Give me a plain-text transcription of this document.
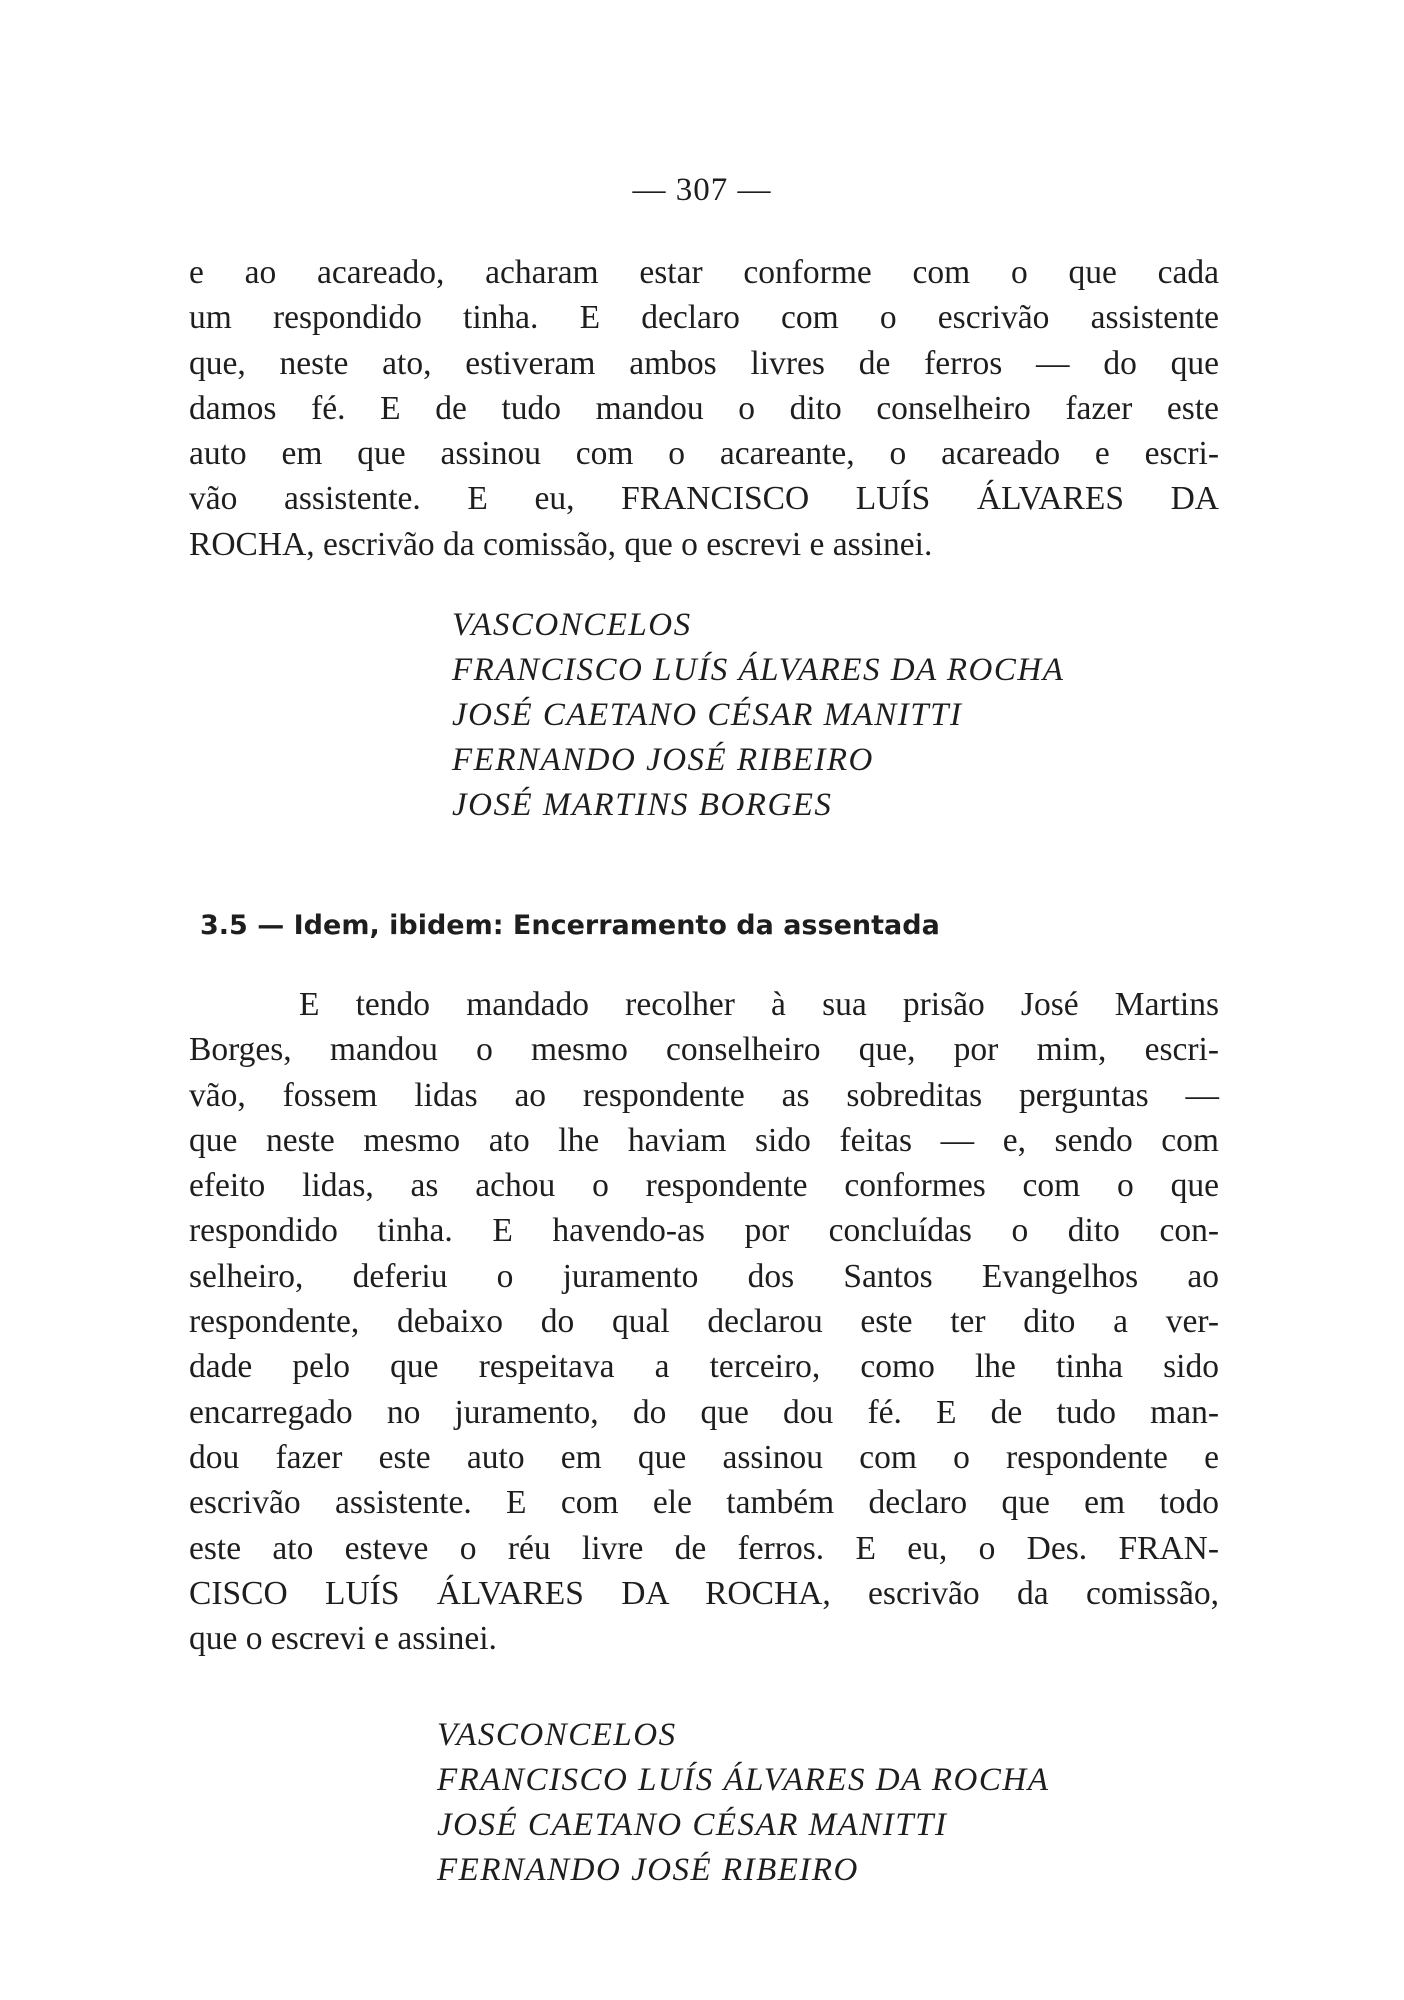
— 307 —
e ao acareado, acharam estar conforme com o que cada
um respondido tinha. E declaro com o escrivão assistente
que, neste ato, estiveram ambos livres de ferros — do que
damos fé. E de tudo mandou o dito conselheiro fazer este
auto em que assinou com o acareante, o acareado e escri-
vão assistente. E eu, FRANCISCO LUÍS ÁLVARES DA
ROCHA, escrivão da comissão, que o escrevi e assinei.
VASCONCELOS
FRANCISCO LUÍS ÁLVARES DA ROCHA
JOSÉ CAETANO CÉSAR MANITTI
FERNANDO JOSÉ RIBEIRO
JOSÉ MARTINS BORGES
3.5 — Idem, ibidem: Encerramento da assentada
E tendo mandado recolher à sua prisão José Martins
Borges, mandou o mesmo conselheiro que, por mim, escri-
vão, fossem lidas ao respondente as sobreditas perguntas —
que neste mesmo ato lhe haviam sido feitas — e, sendo com
efeito lidas, as achou o respondente conformes com o que
respondido tinha. E havendo-as por concluídas o dito con-
selheiro, deferiu o juramento dos Santos Evangelhos ao
respondente, debaixo do qual declarou este ter dito a ver-
dade pelo que respeitava a terceiro, como lhe tinha sido
encarregado no juramento, do que dou fé. E de tudo man-
dou fazer este auto em que assinou com o respondente e
escrivão assistente. E com ele também declaro que em todo
este ato esteve o réu livre de ferros. E eu, o Des. FRAN-
CISCO LUÍS ÁLVARES DA ROCHA, escrivão da comissão,
que o escrevi e assinei.
VASCONCELOS
FRANCISCO LUÍS ÁLVARES DA ROCHA
JOSÉ CAETANO CÉSAR MANITTI
FERNANDO JOSÉ RIBEIRO
